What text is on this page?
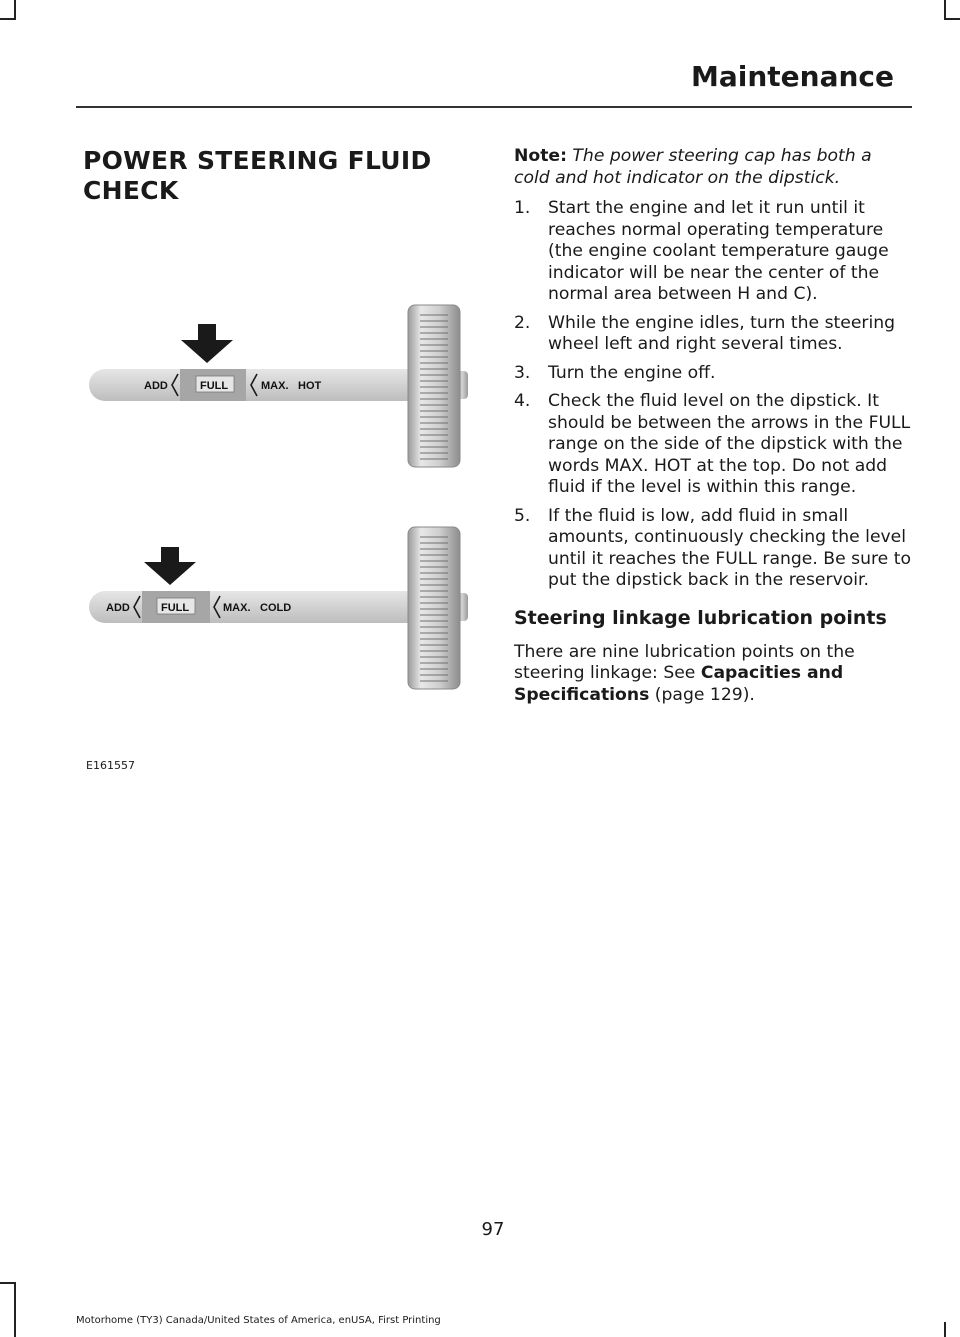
Maintenance
POWER STEERING FLUID
CHECK
ADD	FULL	MAX. HOT
ADD	FULL	MAX. COLD
E161557

Note: The power steering cap has both a cold and hot indicator on the dipstick.

1. Start the engine and let it run until it reaches normal operating temperature (the engine coolant temperature gauge indicator will be near the center of the normal area between H and C).
2. While the engine idles, turn the steering wheel left and right several times.
3. Turn the engine off.
4. Check the fluid level on the dipstick. It should be between the arrows in the FULL range on the side of the dipstick with the words MAX. HOT at the top. Do not add fluid if the level is within this range.
5. If the fluid is low, add fluid in small amounts, continuously checking the level until it reaches the FULL range. Be sure to put the dipstick back in the reservoir.
Steering linkage lubrication points

There are nine lubrication points on the steering linkage: See Capacities and Specifications (page 129).

97
Motorhome (TY3) Canada/United States of America, enUSA, First Printing
